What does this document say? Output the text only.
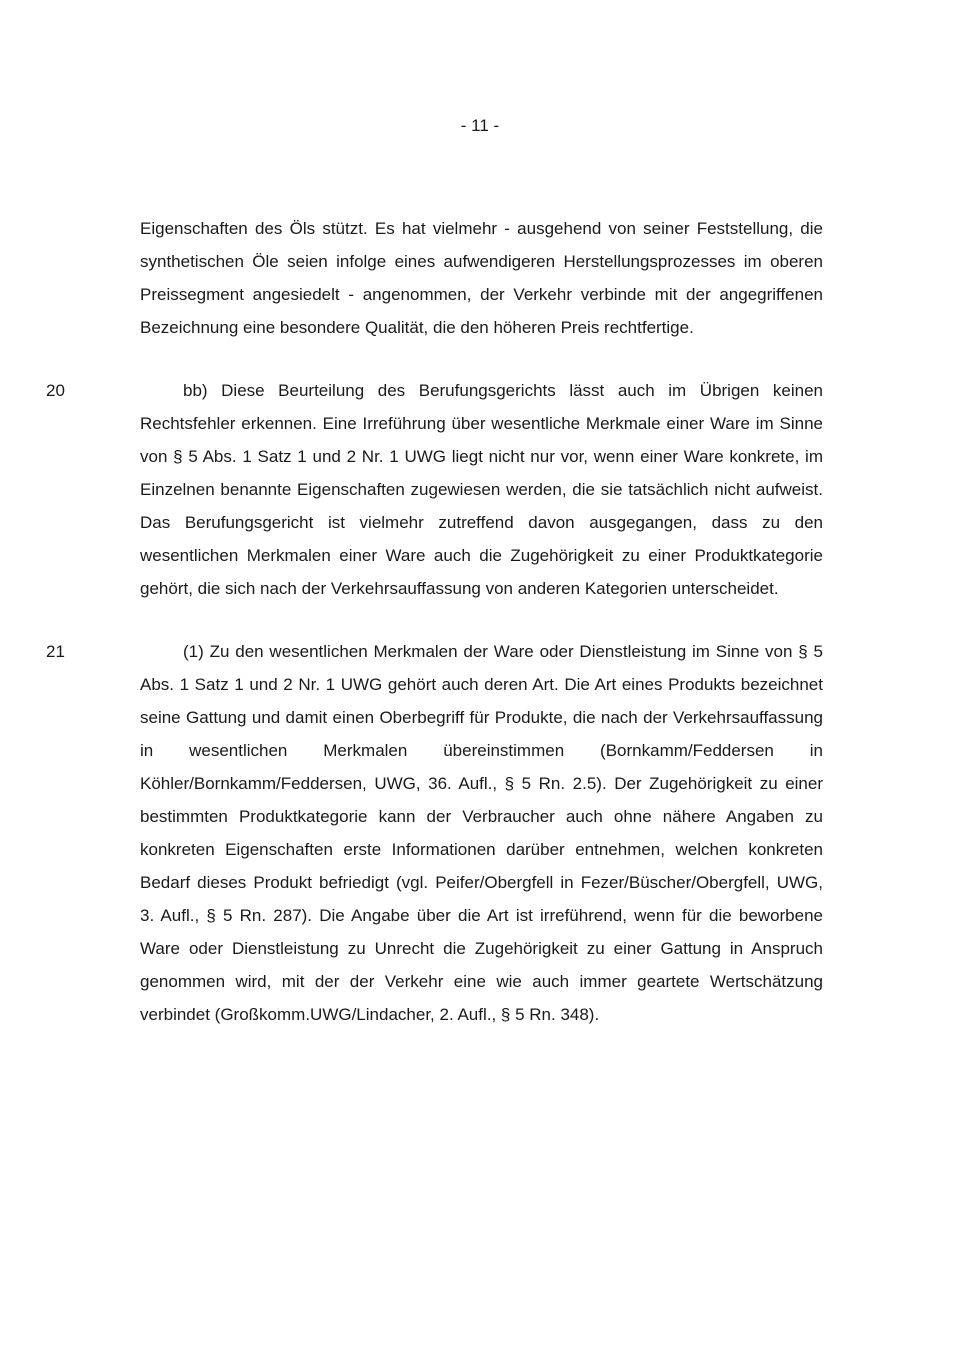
- 11 -

Eigenschaften des Öls stützt. Es hat vielmehr - ausgehend von seiner Feststellung, die synthetischen Öle seien infolge eines aufwendigeren Herstellungsprozesses im oberen Preissegment angesiedelt - angenommen, der Verkehr verbinde mit der angegriffenen Bezeichnung eine besondere Qualität, die den höheren Preis rechtfertige.

20	bb) Diese Beurteilung des Berufungsgerichts lässt auch im Übrigen keinen Rechtsfehler erkennen. Eine Irreführung über wesentliche Merkmale einer Ware im Sinne von § 5 Abs. 1 Satz 1 und 2 Nr. 1 UWG liegt nicht nur vor, wenn einer Ware konkrete, im Einzelnen benannte Eigenschaften zugewiesen werden, die sie tatsächlich nicht aufweist. Das Berufungsgericht ist vielmehr zutreffend davon ausgegangen, dass zu den wesentlichen Merkmalen einer Ware auch die Zugehörigkeit zu einer Produktkategorie gehört, die sich nach der Verkehrsauffassung von anderen Kategorien unterscheidet.

21	(1) Zu den wesentlichen Merkmalen der Ware oder Dienstleistung im Sinne von § 5 Abs. 1 Satz 1 und 2 Nr. 1 UWG gehört auch deren Art. Die Art eines Produkts bezeichnet seine Gattung und damit einen Oberbegriff für Produkte, die nach der Verkehrsauffassung in wesentlichen Merkmalen übereinstimmen (Bornkamm/Feddersen in Köhler/Bornkamm/Feddersen, UWG, 36. Aufl., § 5 Rn. 2.5). Der Zugehörigkeit zu einer bestimmten Produktkategorie kann der Verbraucher auch ohne nähere Angaben zu konkreten Eigenschaften erste Informationen darüber entnehmen, welchen konkreten Bedarf dieses Produkt befriedigt (vgl. Peifer/Obergfell in Fezer/Büscher/Obergfell, UWG, 3. Aufl., § 5 Rn. 287). Die Angabe über die Art ist irreführend, wenn für die beworbene Ware oder Dienstleistung zu Unrecht die Zugehörigkeit zu einer Gattung in Anspruch genommen wird, mit der der Verkehr eine wie auch immer geartete Wertschätzung verbindet (Großkomm.UWG/Lindacher, 2. Aufl., § 5 Rn. 348).
